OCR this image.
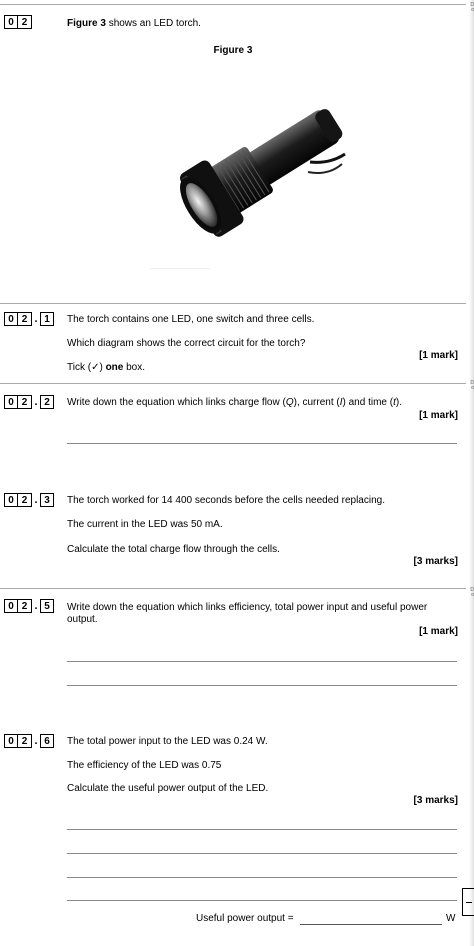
D
o
D
o
D
o
0 2	Figure 3 shows an LED torch.
Figure 3
0 2 . 1	The torch contains one LED, one switch and three cells.
Which diagram shows the correct circuit for the torch?
[1 mark]
Tick (✓) one box.
0 2 . 2	Write down the equation which links charge flow (Q), current (I) and time (t).
[1 mark]
0 2 . 3	The torch worked for 14 400 seconds before the cells needed replacing.
The current in the LED was 50 mA.
Calculate the total charge flow through the cells.
[3 marks]
0 2 . 5	Write down the equation which links efficiency, total power input and useful power
output.
[1 mark]
0 2 . 6	The total power input to the LED was 0.24 W.
The efficiency of the LED was 0.75
Calculate the useful power output of the LED.
[3 marks]
Useful power output =	W
